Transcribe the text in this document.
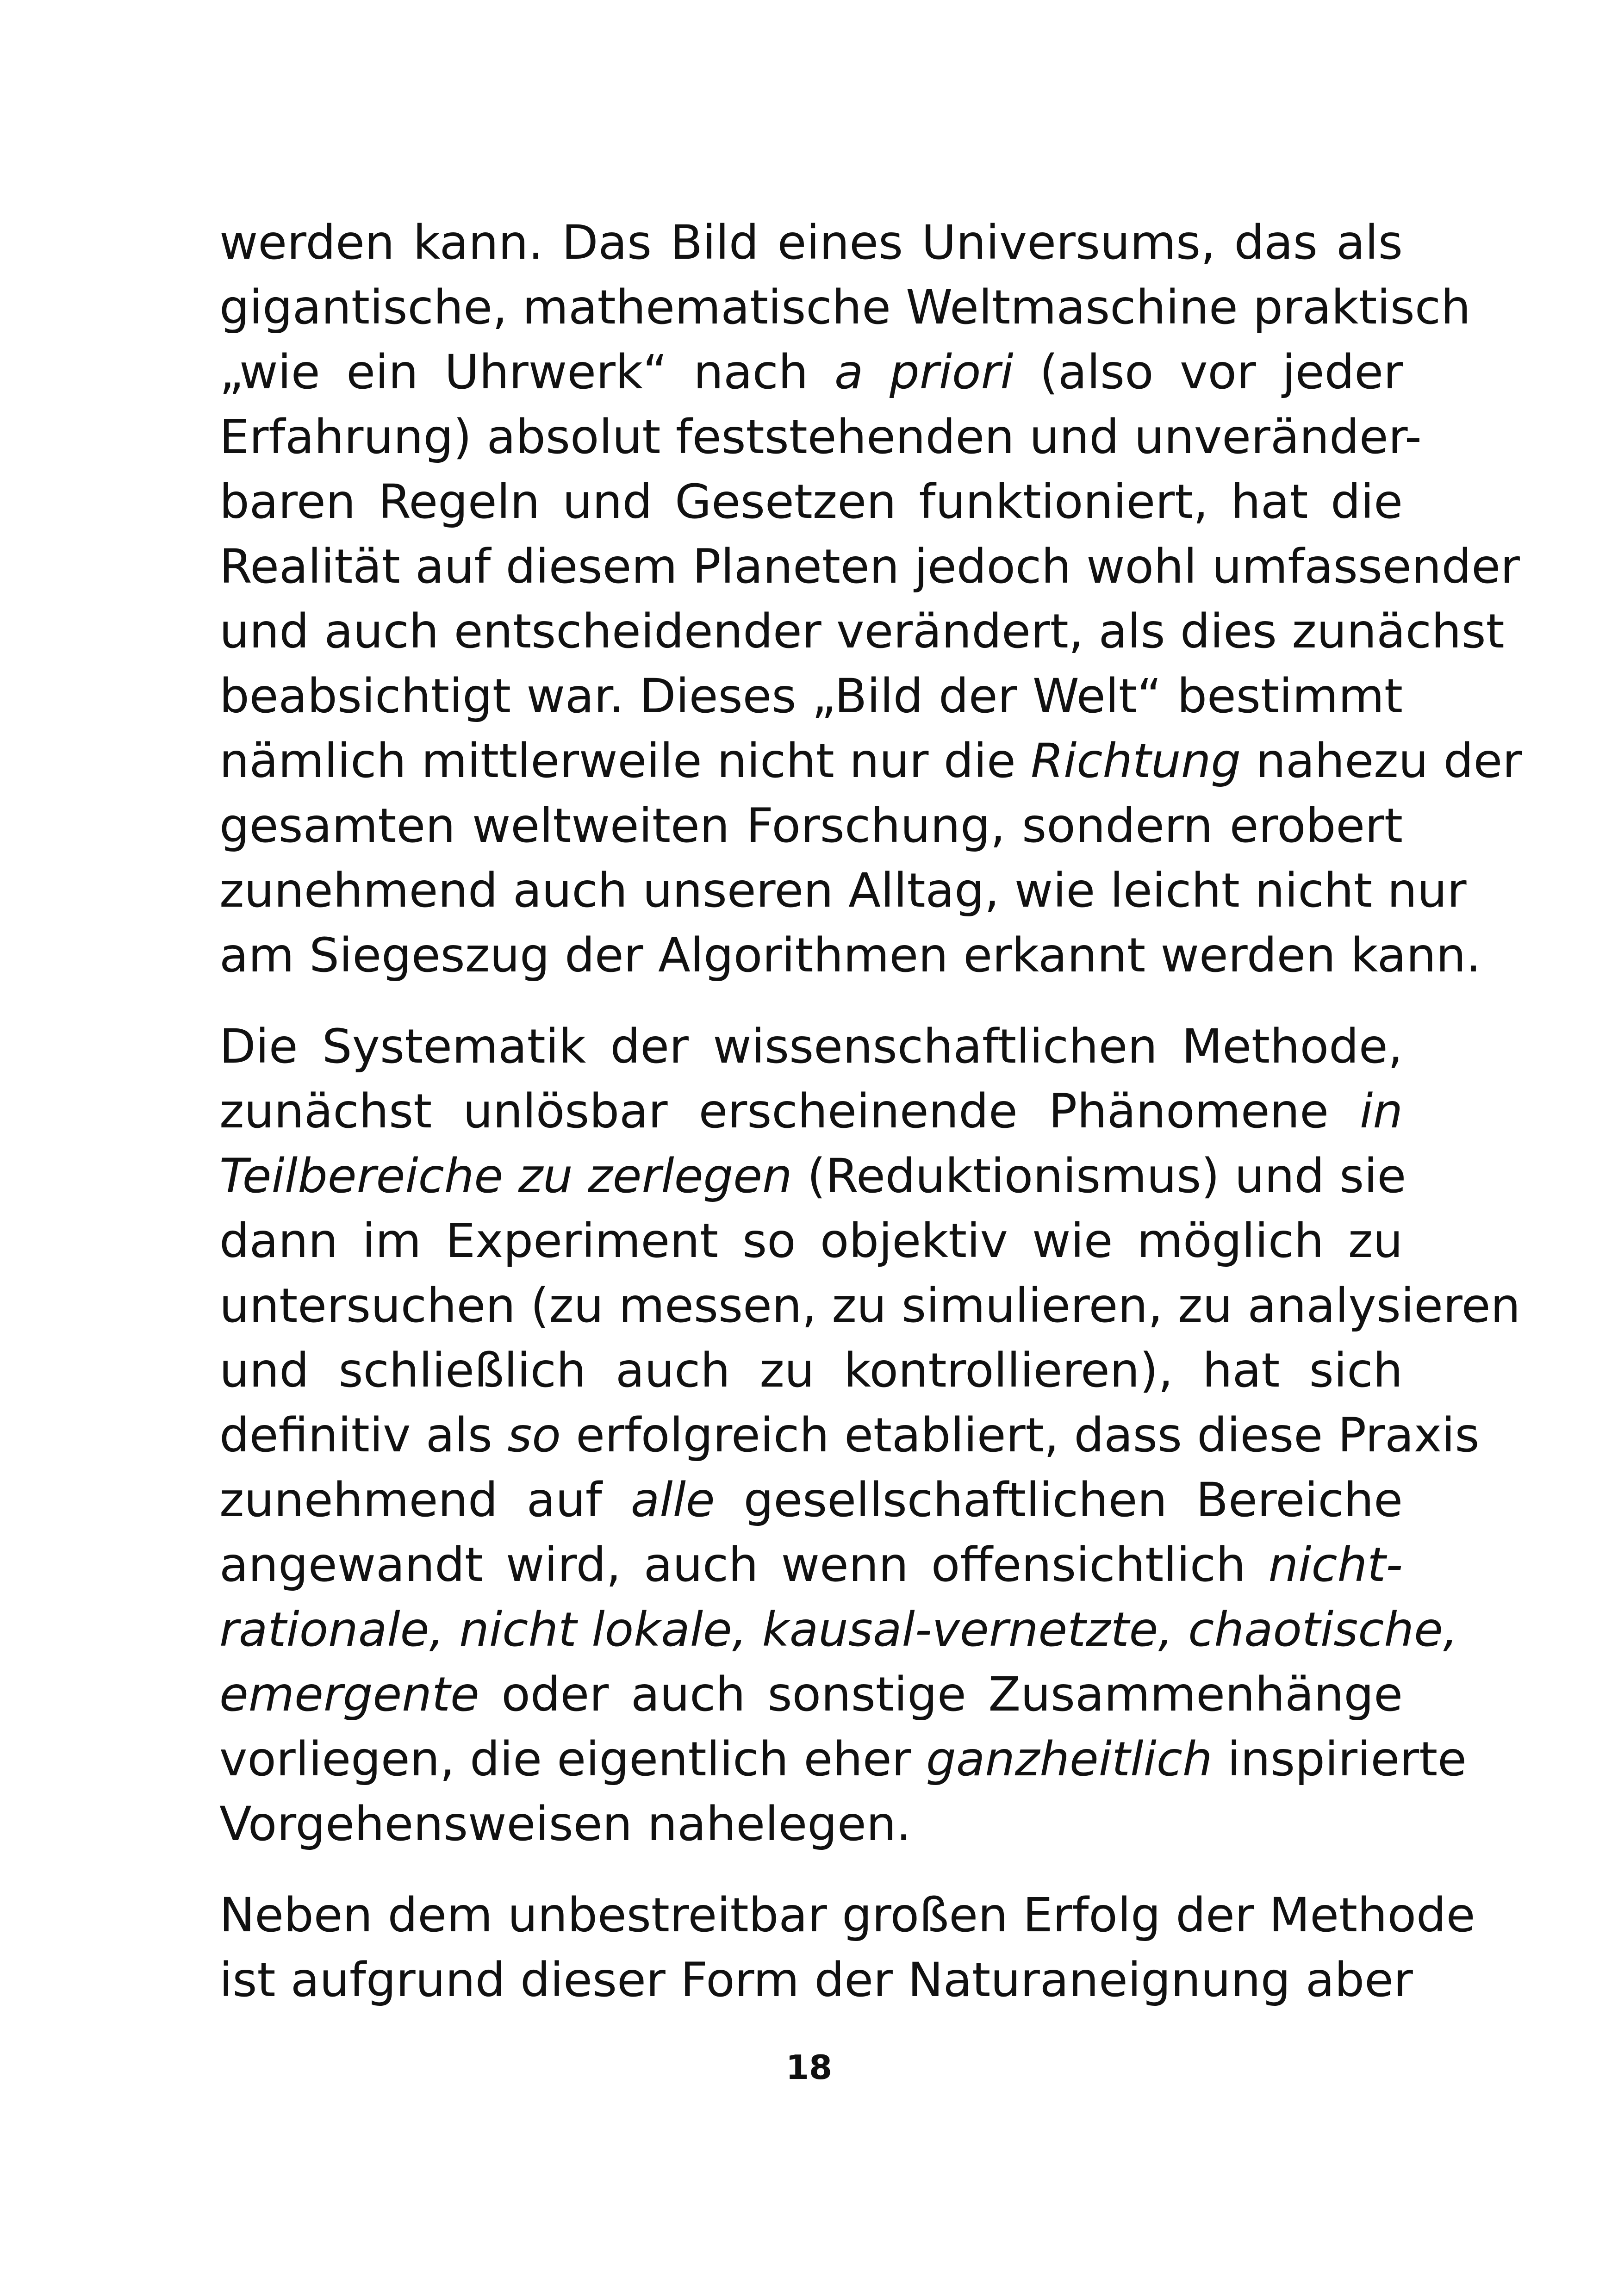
werden kann. Das Bild eines Universums, das als
gigantische, mathematische Weltmaschine praktisch
„wie ein Uhrwerk“ nach a priori (also vor jeder
Erfahrung) absolut feststehenden und unveränder-
baren Regeln und Gesetzen funktioniert, hat die
Realität auf diesem Planeten jedoch wohl umfassender
und auch entscheidender verändert, als dies zunächst
beabsichtigt war. Dieses „Bild der Welt“ bestimmt
nämlich mittlerweile nicht nur die Richtung nahezu der
gesamten weltweiten Forschung, sondern erobert
zunehmend auch unseren Alltag, wie leicht nicht nur
am Siegeszug der Algorithmen erkannt werden kann.
Die Systematik der wissenschaftlichen Methode,
zunächst unlösbar erscheinende Phänomene in
Teilbereiche zu zerlegen (Reduktionismus) und sie
dann im Experiment so objektiv wie möglich zu
untersuchen (zu messen, zu simulieren, zu analysieren
und schließlich auch zu kontrollieren), hat sich
definitiv als so erfolgreich etabliert, dass diese Praxis
zunehmend auf alle gesellschaftlichen Bereiche
angewandt wird, auch wenn offensichtlich nicht-
rationale, nicht lokale, kausal-vernetzte, chaotische,
emergente oder auch sonstige Zusammenhänge
vorliegen, die eigentlich eher ganzheitlich inspirierte
Vorgehensweisen nahelegen.
Neben dem unbestreitbar großen Erfolg der Methode
ist aufgrund dieser Form der Naturaneignung aber
18
